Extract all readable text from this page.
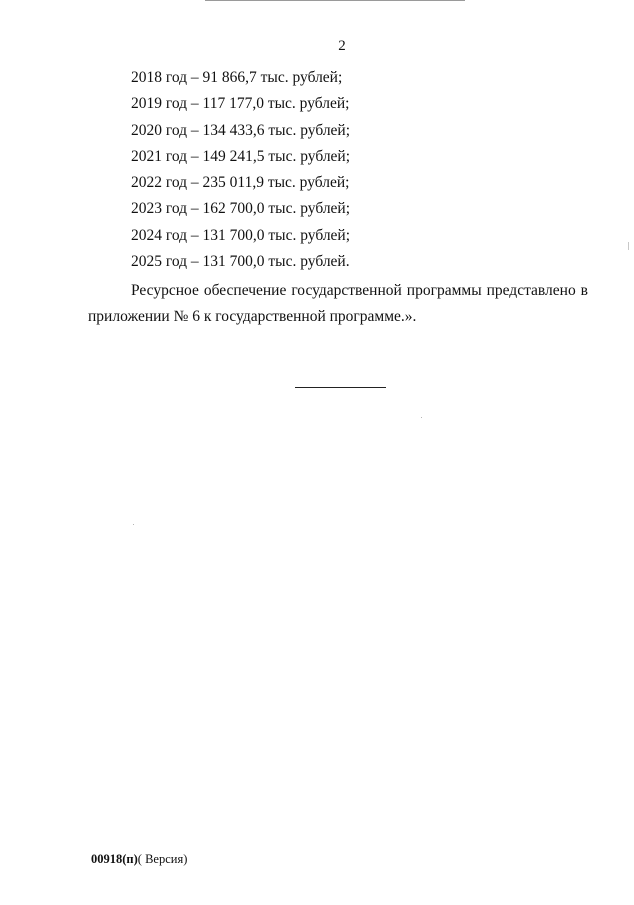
2
2018 год – 91 866,7 тыс. рублей;
2019 год – 117 177,0 тыс. рублей;
2020 год – 134 433,6 тыс. рублей;
2021 год – 149 241,5 тыс. рублей;
2022 год – 235 011,9 тыс. рублей;
2023 год – 162 700,0 тыс. рублей;
2024 год – 131 700,0 тыс. рублей;
2025 год – 131 700,0 тыс. рублей.

Ресурсное обеспечение государственной программы представлено в
приложении № 6 к государственной программе.».

00918(п)( Версия)
